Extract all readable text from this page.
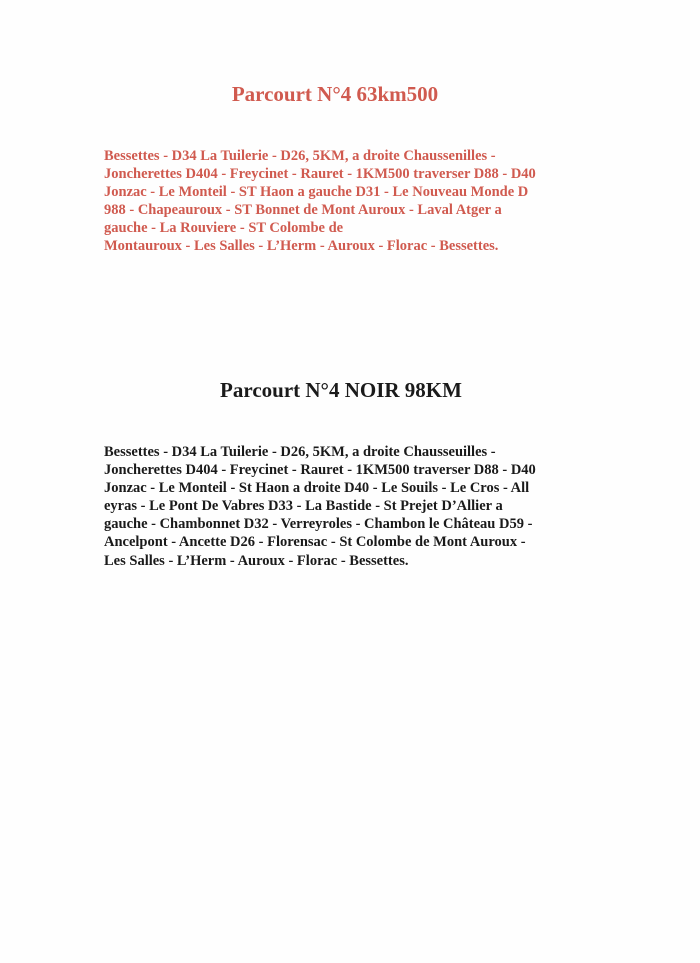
Parcourt N°4 63km500

Bessettes - D34 La Tuilerie - D26, 5KM, a droite Chaussenilles -
Joncherettes D404 - Freycinet - Rauret - 1KM500 traverser D88 - D40
Jonzac - Le Monteil - ST Haon a gauche D31 - Le Nouveau Monde D
988 - Chapeauroux - ST Bonnet de Mont Auroux - Laval Atger a
gauche - La Rouviere - ST Colombe de
Montauroux - Les Salles - L’Herm - Auroux - Florac - Bessettes.

Parcourt N°4 NOIR 98KM

Bessettes - D34 La Tuilerie - D26, 5KM, a droite Chausseuilles -
Joncherettes D404 - Freycinet - Rauret - 1KM500 traverser D88 - D40
Jonzac - Le Monteil - St Haon a droite D40 - Le Souils - Le Cros - All
eyras - Le Pont De Vabres D33 - La Bastide - St Prejet D’Allier a
gauche - Chambonnet D32 - Verreyroles - Chambon le Château D59 -
Ancelpont - Ancette D26 - Florensac - St Colombe de Mont Auroux -
Les Salles - L’Herm - Auroux - Florac - Bessettes.
